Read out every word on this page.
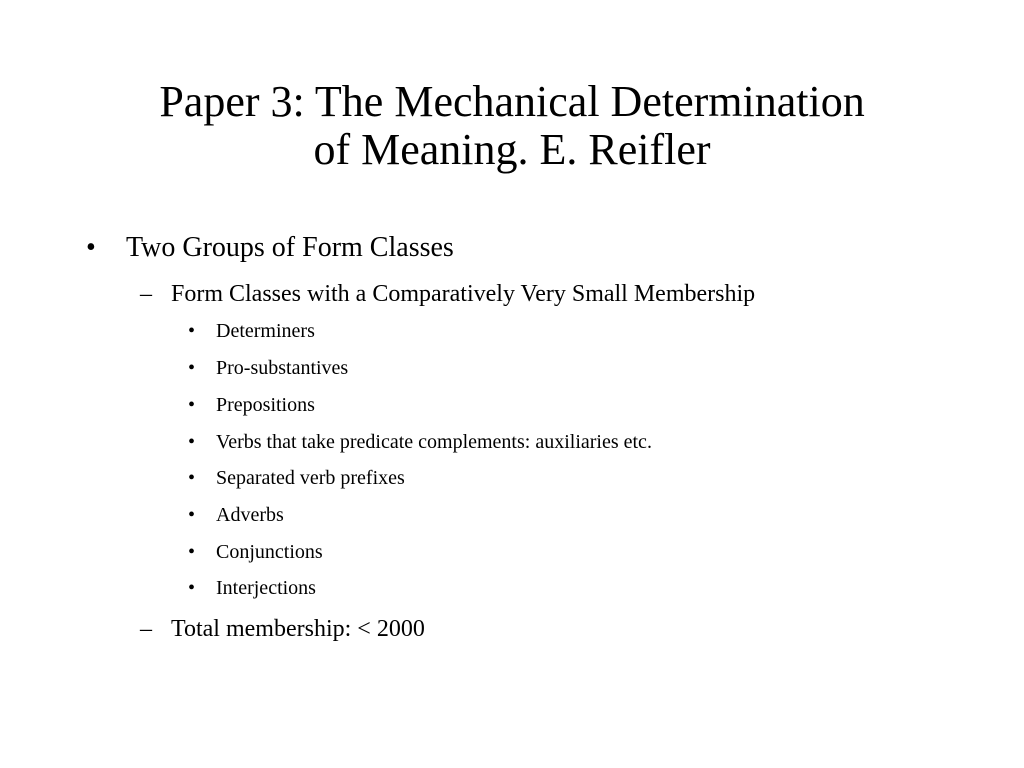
Paper 3: The Mechanical Determination
of Meaning. E. Reifler
• Two Groups of Form Classes
– Form Classes with a Comparatively Very Small Membership
• Determiners
• Pro-substantives
• Prepositions
• Verbs that take predicate complements: auxiliaries etc.
• Separated verb prefixes
• Adverbs
• Conjunctions
• Interjections
– Total membership: < 2000
